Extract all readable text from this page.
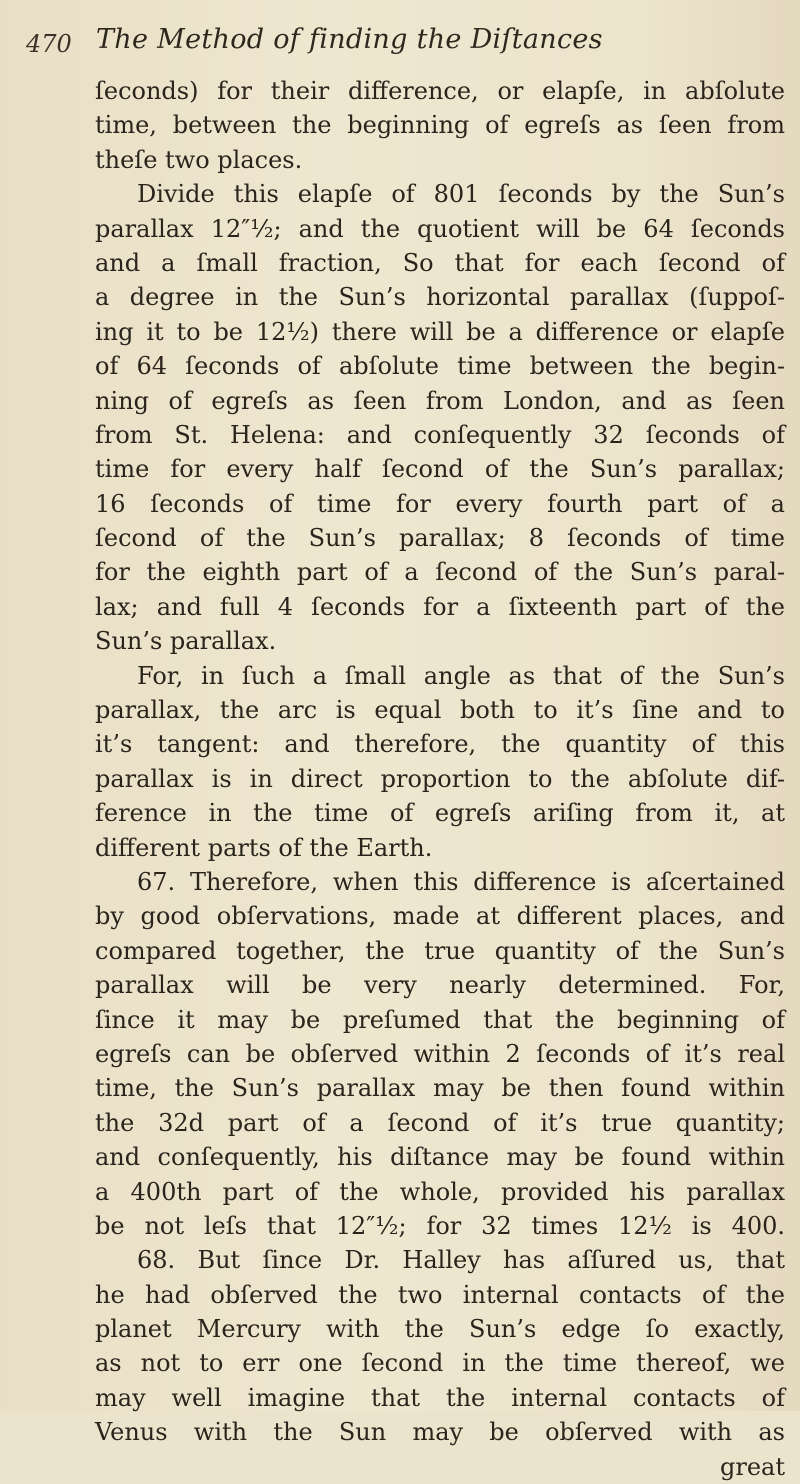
470 The Method of finding the Diſtances
ſeconds) for their difference, or elapſe, in abſolute
time, between the beginning of egreſs as ſeen from
theſe two places.
Divide this elapſe of 801 ſeconds by the Sun’s
parallax 12″½; and the quotient will be 64 ſeconds
and a ſmall fraction, So that for each ſecond of
a degree in the Sun’s horizontal parallax (ſuppoſ-
ing it to be 12½) there will be a difference or elapſe
of 64 ſeconds of abſolute time between the begin-
ning of egreſs as ſeen from London, and as ſeen
from St. Helena: and conſequently 32 ſeconds of
time for every half ſecond of the Sun’s parallax;
16 ſeconds of time for every fourth part of a
ſecond of the Sun’s parallax; 8 ſeconds of time
for the eighth part of a ſecond of the Sun’s paral-
lax; and full 4 ſeconds for a ſixteenth part of the
Sun’s parallax.
For, in ſuch a ſmall angle as that of the Sun’s
parallax, the arc is equal both to it’s ſine and to
it’s tangent: and therefore, the quantity of this
parallax is in direct proportion to the abſolute dif-
ference in the time of egreſs ariſing from it, at
different parts of the Earth.
67. Therefore, when this difference is aſcertained
by good obſervations, made at different places, and
compared together, the true quantity of the Sun’s
parallax will be very nearly determined. For,
ſince it may be preſumed that the beginning of
egreſs can be obſerved within 2 ſeconds of it’s real
time, the Sun’s parallax may be then found within
the 32d part of a ſecond of it’s true quantity;
and conſequently, his diſtance may be found within
a 400th part of the whole, provided his parallax
be not leſs that 12″½; for 32 times 12½ is 400.
68. But ſince Dr. Halley has aſſured us, that
he had obſerved the two internal contacts of the
planet Mercury with the Sun’s edge ſo exactly,
as not to err one ſecond in the time thereof, we
may well imagine that the internal contacts of
Venus with the Sun may be obſerved with as
great
